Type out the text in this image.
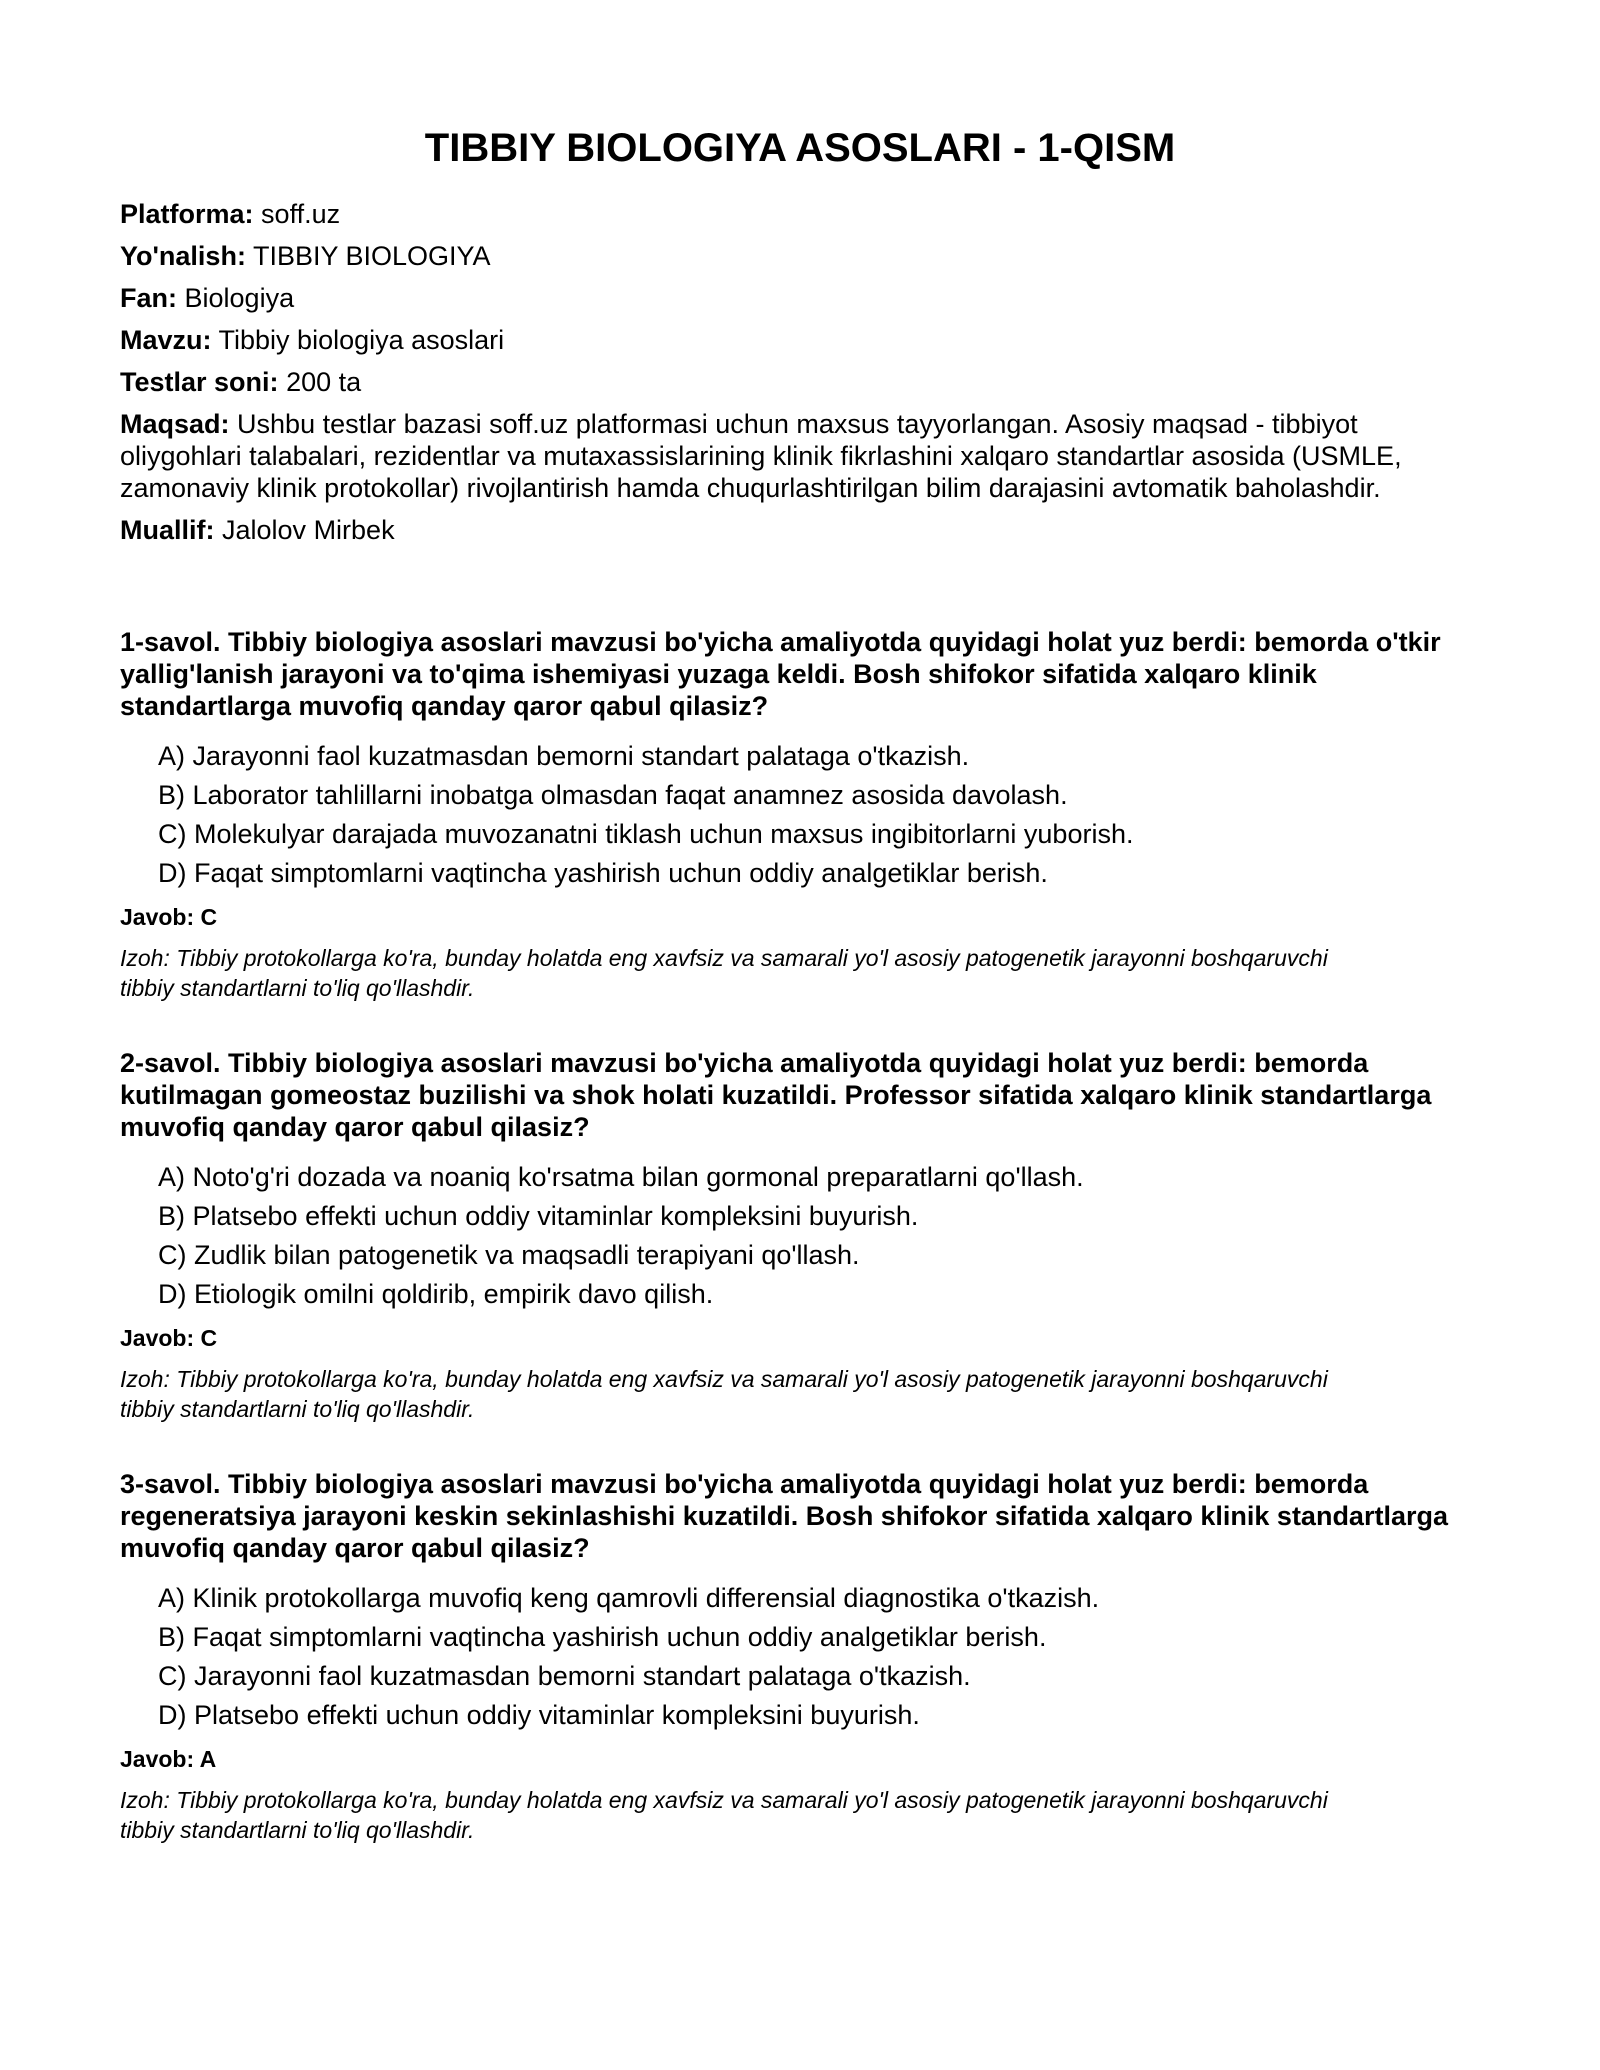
TIBBIY BIOLOGIYA ASOSLARI - 1-QISM
Platforma: soff.uz
Yo'nalish: TIBBIY BIOLOGIYA
Fan: Biologiya
Mavzu: Tibbiy biologiya asoslari
Testlar soni: 200 ta
Maqsad: Ushbu testlar bazasi soff.uz platformasi uchun maxsus tayyorlangan. Asosiy maqsad - tibbiyot oliygohlari talabalari, rezidentlar va mutaxassislarining klinik fikrlashini xalqaro standartlar asosida (USMLE, zamonaviy klinik protokollar) rivojlantirish hamda chuqurlashtirilgan bilim darajasini avtomatik baholashdir.
Muallif: Jalolov Mirbek
1-savol. Tibbiy biologiya asoslari mavzusi bo'yicha amaliyotda quyidagi holat yuz berdi: bemorda o'tkir yallig'lanish jarayoni va to'qima ishemiyasi yuzaga keldi. Bosh shifokor sifatida xalqaro klinik standartlarga muvofiq qanday qaror qabul qilasiz?
A) Jarayonni faol kuzatmasdan bemorni standart palataga o'tkazish.
B) Laborator tahlillarni inobatga olmasdan faqat anamnez asosida davolash.
C) Molekulyar darajada muvozanatni tiklash uchun maxsus ingibitorlarni yuborish.
D) Faqat simptomlarni vaqtincha yashirish uchun oddiy analgetiklar berish.
Javob: C
Izoh: Tibbiy protokollarga ko'ra, bunday holatda eng xavfsiz va samarali yo'l asosiy patogenetik jarayonni boshqaruvchi tibbiy standartlarni to'liq qo'llashdir.
2-savol. Tibbiy biologiya asoslari mavzusi bo'yicha amaliyotda quyidagi holat yuz berdi: bemorda kutilmagan gomeostaz buzilishi va shok holati kuzatildi. Professor sifatida xalqaro klinik standartlarga muvofiq qanday qaror qabul qilasiz?
A) Noto'g'ri dozada va noaniq ko'rsatma bilan gormonal preparatlarni qo'llash.
B) Platsebo effekti uchun oddiy vitaminlar kompleksini buyurish.
C) Zudlik bilan patogenetik va maqsadli terapiyani qo'llash.
D) Etiologik omilni qoldirib, empirik davo qilish.
Javob: C
Izoh: Tibbiy protokollarga ko'ra, bunday holatda eng xavfsiz va samarali yo'l asosiy patogenetik jarayonni boshqaruvchi tibbiy standartlarni to'liq qo'llashdir.
3-savol. Tibbiy biologiya asoslari mavzusi bo'yicha amaliyotda quyidagi holat yuz berdi: bemorda regeneratsiya jarayoni keskin sekinlashishi kuzatildi. Bosh shifokor sifatida xalqaro klinik standartlarga muvofiq qanday qaror qabul qilasiz?
A) Klinik protokollarga muvofiq keng qamrovli differensial diagnostika o'tkazish.
B) Faqat simptomlarni vaqtincha yashirish uchun oddiy analgetiklar berish.
C) Jarayonni faol kuzatmasdan bemorni standart palataga o'tkazish.
D) Platsebo effekti uchun oddiy vitaminlar kompleksini buyurish.
Javob: A
Izoh: Tibbiy protokollarga ko'ra, bunday holatda eng xavfsiz va samarali yo'l asosiy patogenetik jarayonni boshqaruvchi tibbiy standartlarni to'liq qo'llashdir.
